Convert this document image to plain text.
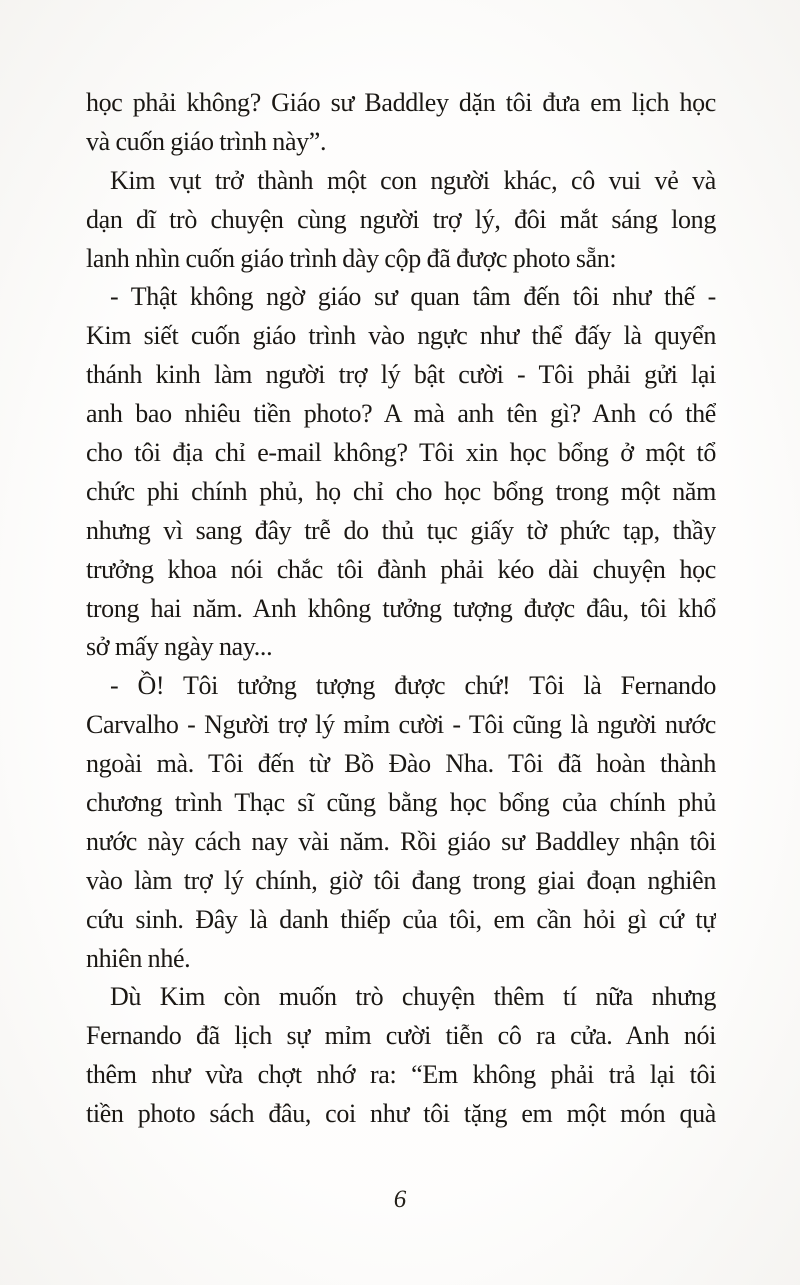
học phải không? Giáo sư Baddley dặn tôi đưa em lịch học
và cuốn giáo trình này”.
Kim vụt trở thành một con người khác, cô vui vẻ và
dạn dĩ trò chuyện cùng người trợ lý, đôi mắt sáng long
lanh nhìn cuốn giáo trình dày cộp đã được photo sẵn:
- Thật không ngờ giáo sư quan tâm đến tôi như thế -
Kim siết cuốn giáo trình vào ngực như thể đấy là quyển
thánh kinh làm người trợ lý bật cười - Tôi phải gửi lại
anh bao nhiêu tiền photo? A mà anh tên gì? Anh có thể
cho tôi địa chỉ e-mail không? Tôi xin học bổng ở một tổ
chức phi chính phủ, họ chỉ cho học bổng trong một năm
nhưng vì sang đây trễ do thủ tục giấy tờ phức tạp, thầy
trưởng khoa nói chắc tôi đành phải kéo dài chuyện học
trong hai năm. Anh không tưởng tượng được đâu, tôi khổ
sở mấy ngày nay...
- Ồ! Tôi tưởng tượng được chứ! Tôi là Fernando
Carvalho - Người trợ lý mỉm cười - Tôi cũng là người nước
ngoài mà. Tôi đến từ Bồ Đào Nha. Tôi đã hoàn thành
chương trình Thạc sĩ cũng bằng học bổng của chính phủ
nước này cách nay vài năm. Rồi giáo sư Baddley nhận tôi
vào làm trợ lý chính, giờ tôi đang trong giai đoạn nghiên
cứu sinh. Đây là danh thiếp của tôi, em cần hỏi gì cứ tự
nhiên nhé.
Dù Kim còn muốn trò chuyện thêm tí nữa nhưng
Fernando đã lịch sự mỉm cười tiễn cô ra cửa. Anh nói
thêm như vừa chợt nhớ ra: “Em không phải trả lại tôi
tiền photo sách đâu, coi như tôi tặng em một món quà
6
